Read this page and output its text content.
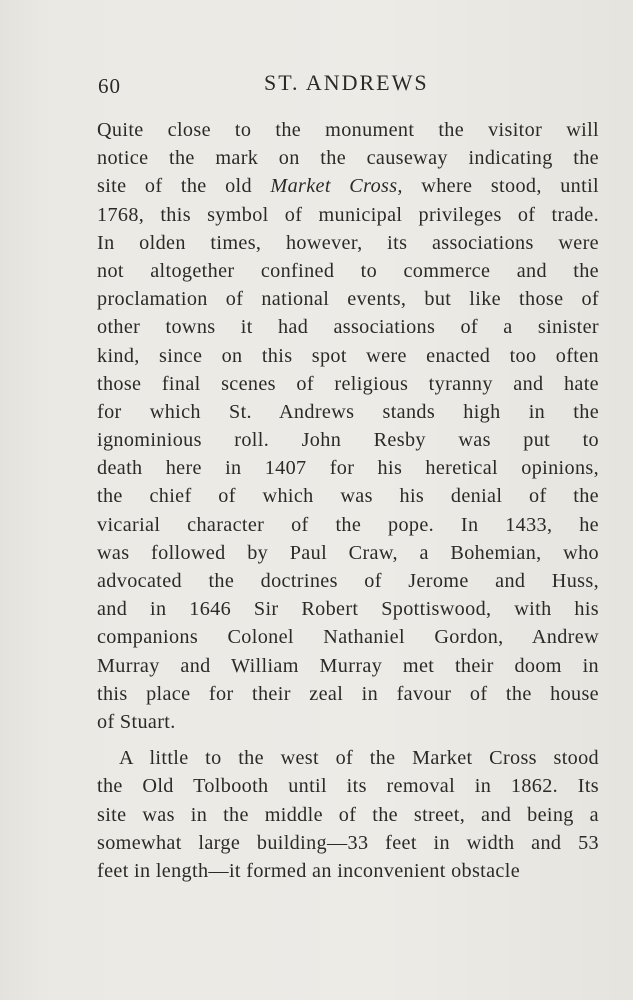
60	ST. ANDREWS
Quite close to the monument the visitor will
notice the mark on the causeway indicating the
site of the old Market Cross, where stood, until
1768, this symbol of municipal privileges of trade.
In olden times, however, its associations were
not altogether confined to commerce and the
proclamation of national events, but like those of
other towns it had associations of a sinister
kind, since on this spot were enacted too often
those final scenes of religious tyranny and hate
for which St. Andrews stands high in the
ignominious roll. John Resby was put to
death here in 1407 for his heretical opinions,
the chief of which was his denial of the
vicarial character of the pope. In 1433, he
was followed by Paul Craw, a Bohemian, who
advocated the doctrines of Jerome and Huss,
and in 1646 Sir Robert Spottiswood, with his
companions Colonel Nathaniel Gordon, Andrew
Murray and William Murray met their doom in
this place for their zeal in favour of the house
of Stuart.
A little to the west of the Market Cross stood
the Old Tolbooth until its removal in 1862. Its
site was in the middle of the street, and being a
somewhat large building—33 feet in width and 53
feet in length—it formed an inconvenient obstacle
